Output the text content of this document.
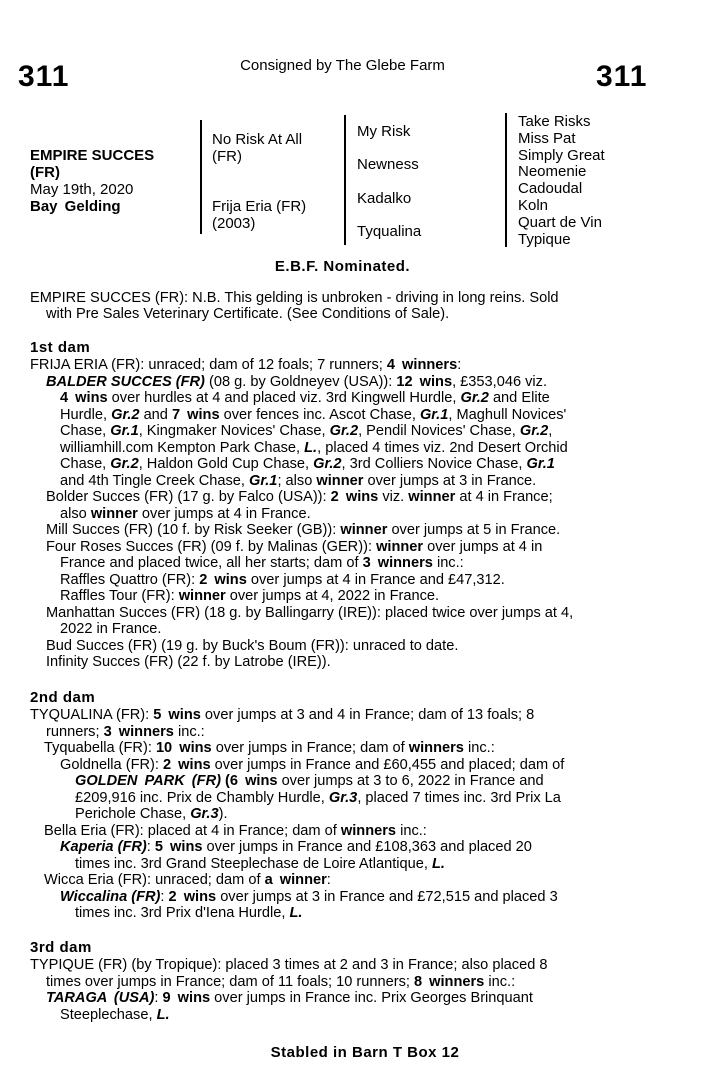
311	Consigned by The Glebe Farm	311
EMPIRE SUCCES
(FR)
May 19th, 2020
Bay Gelding
No Risk At All
(FR)
Frija Eria (FR)
(2003)
My Risk
Newness
Kadalko
Tyqualina
Take Risks
Miss Pat
Simply Great
Neomenie
Cadoudal
Koln
Quart de Vin
Typique
E.B.F. Nominated.
EMPIRE SUCCES (FR): N.B. This gelding is unbroken - driving in long reins. Sold
with Pre Sales Veterinary Certificate. (See Conditions of Sale).
1st dam
FRIJA ERIA (FR): unraced; dam of 12 foals; 7 runners; 4 winners:
BALDER SUCCES (FR) (08 g. by Goldneyev (USA)): 12 wins, £353,046 viz.
4 wins over hurdles at 4 and placed viz. 3rd Kingwell Hurdle, Gr.2 and Elite
Hurdle, Gr.2 and 7 wins over fences inc. Ascot Chase, Gr.1, Maghull Novices'
Chase, Gr.1, Kingmaker Novices' Chase, Gr.2, Pendil Novices' Chase, Gr.2,
williamhill.com Kempton Park Chase, L., placed 4 times viz. 2nd Desert Orchid
Chase, Gr.2, Haldon Gold Cup Chase, Gr.2, 3rd Colliers Novice Chase, Gr.1
and 4th Tingle Creek Chase, Gr.1; also winner over jumps at 3 in France.
Bolder Succes (FR) (17 g. by Falco (USA)): 2 wins viz. winner at 4 in France;
also winner over jumps at 4 in France.
Mill Succes (FR) (10 f. by Risk Seeker (GB)): winner over jumps at 5 in France.
Four Roses Succes (FR) (09 f. by Malinas (GER)): winner over jumps at 4 in
France and placed twice, all her starts; dam of 3 winners inc.:
Raffles Quattro (FR): 2 wins over jumps at 4 in France and £47,312.
Raffles Tour (FR): winner over jumps at 4, 2022 in France.
Manhattan Succes (FR) (18 g. by Ballingarry (IRE)): placed twice over jumps at 4,
2022 in France.
Bud Succes (FR) (19 g. by Buck's Boum (FR)): unraced to date.
Infinity Succes (FR) (22 f. by Latrobe (IRE)).
2nd dam
TYQUALINA (FR): 5 wins over jumps at 3 and 4 in France; dam of 13 foals; 8
runners; 3 winners inc.:
Tyquabella (FR): 10 wins over jumps in France; dam of winners inc.:
Goldnella (FR): 2 wins over jumps in France and £60,455 and placed; dam of
GOLDEN PARK (FR) (6 wins over jumps at 3 to 6, 2022 in France and
£209,916 inc. Prix de Chambly Hurdle, Gr.3, placed 7 times inc. 3rd Prix La
Perichole Chase, Gr.3).
Bella Eria (FR): placed at 4 in France; dam of winners inc.:
Kaperia (FR): 5 wins over jumps in France and £108,363 and placed 20
times inc. 3rd Grand Steeplechase de Loire Atlantique, L.
Wicca Eria (FR): unraced; dam of a winner:
Wiccalina (FR): 2 wins over jumps at 3 in France and £72,515 and placed 3
times inc. 3rd Prix d'Iena Hurdle, L.
3rd dam
TYPIQUE (FR) (by Tropique): placed 3 times at 2 and 3 in France; also placed 8
times over jumps in France; dam of 11 foals; 10 runners; 8 winners inc.:
TARAGA (USA): 9 wins over jumps in France inc. Prix Georges Brinquant
Steeplechase, L.
Stabled in Barn T Box 12
